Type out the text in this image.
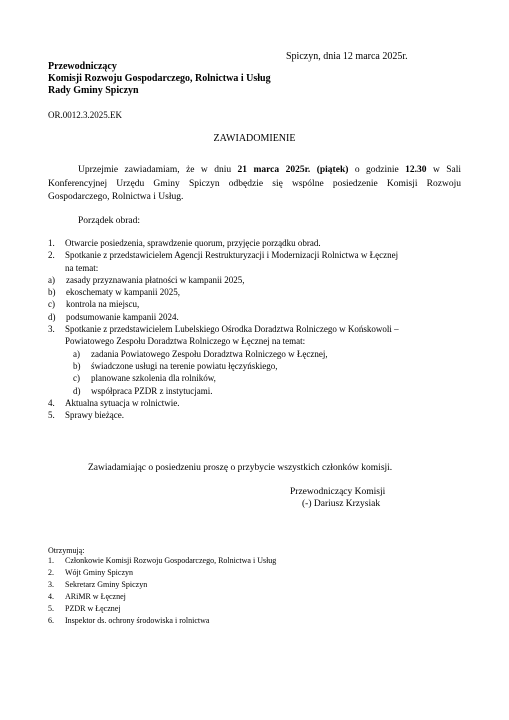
Spiczyn, dnia 12 marca 2025r.
Przewodniczący
Komisji Rozwoju Gospodarczego, Rolnictwa i Usług
Rady Gminy Spiczyn
OR.0012.3.2025.EK
ZAWIADOMIENIE
Uprzejmie zawiadamiam, że w dniu 21 marca 2025r. (piątek) o godzinie 12.30 w Sali Konferencyjnej Urzędu Gminy Spiczyn odbędzie się wspólne posiedzenie Komisji Rozwoju Gospodarczego, Rolnictwa i Usług.
Porządek obrad:
1. Otwarcie posiedzenia, sprawdzenie quorum, przyjęcie porządku obrad.
2. Spotkanie z przedstawicielem Agencji Restrukturyzacji i Modernizacji Rolnictwa w Łęcznej
na temat:
a) zasady przyznawania płatności w kampanii 2025,
b) ekoschematy w kampanii 2025,
c) kontrola na miejscu,
d) podsumowanie kampanii 2024.
3. Spotkanie z przedstawicielem Lubelskiego Ośrodka Doradztwa Rolniczego w Końskowoli –
Powiatowego Zespołu Doradztwa Rolniczego w Łęcznej na temat:
a) zadania Powiatowego Zespołu Doradztwa Rolniczego w Łęcznej,
b) świadczone usługi na terenie powiatu łęczyńskiego,
c) planowane szkolenia dla rolników,
d) współpraca PZDR z instytucjami.
4. Aktualna sytuacja w rolnictwie.
5. Sprawy bieżące.
Zawiadamiając o posiedzeniu proszę o przybycie wszystkich członków komisji.
Przewodniczący Komisji
(-) Dariusz Krzysiak
Otrzymują:
1. Członkowie Komisji Rozwoju Gospodarczego, Rolnictwa i Usług
2. Wójt Gminy Spiczyn
3. Sekretarz Gminy Spiczyn
4. ARiMR w Łęcznej
5. PZDR w Łęcznej
6. Inspektor ds. ochrony środowiska i rolnictwa
